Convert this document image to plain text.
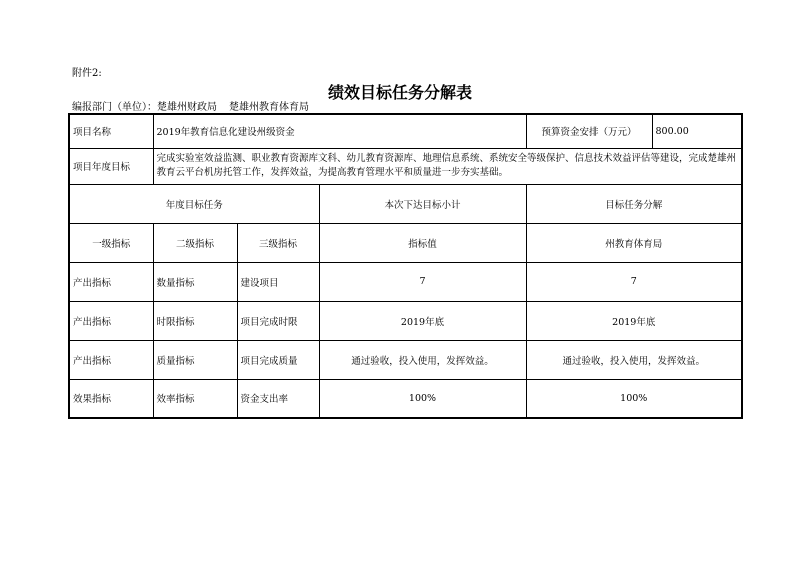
附件2:
绩效目标任务分解表
编报部门（单位）：楚雄州财政局 楚雄州教育体育局
项目名称	2019年教育信息化建设州级资金			预算资金安排（万元）	800.00
项目年度目标	完成实验室效益监测、职业教育资源库文科、幼儿教育资源库、地理信息系统、系统安全等级保护、信息技术效益评估等建设，完成楚雄州教育云平台机房托管工作，发挥效益，为提高教育管理水平和质量进一步夯实基础。				
年度目标任务			本次下达目标小计	目标任务分解	
一级指标	二级指标	三级指标	指标值	州教育体育局	
产出指标	数量指标	建设项目	7	7	
产出指标	时限指标	项目完成时限	2019年底	2019年底	
产出指标	质量指标	项目完成质量	通过验收，投入使用，发挥效益。	通过验收，投入使用，发挥效益。	
效果指标	效率指标	资金支出率	100%	100%	
